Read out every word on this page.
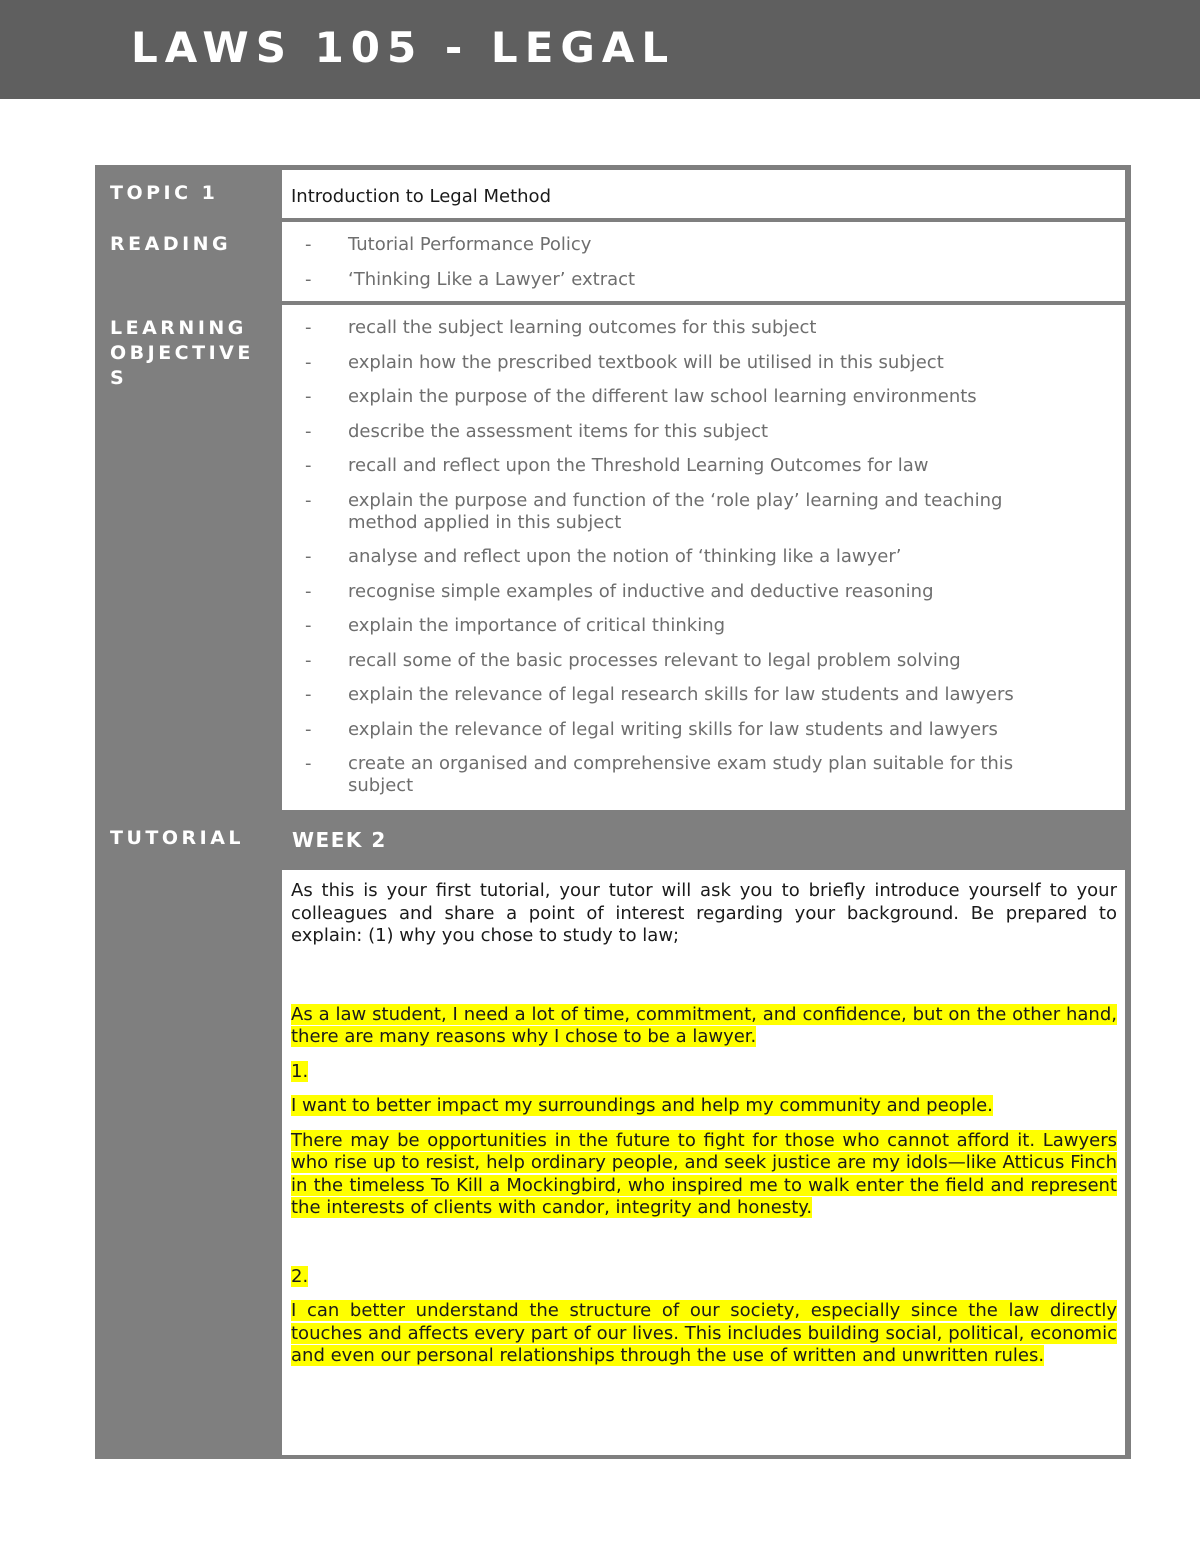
LAWS 105 - LEGAL
TOPIC 1	Introduction to Legal Method
READING	- Tutorial Performance Policy
- ‘Thinking Like a Lawyer’ extract
LEARNING OBJECTIVE S
- recall the subject learning outcomes for this subject
- explain how the prescribed textbook will be utilised in this subject
- explain the purpose of the different law school learning environments
- describe the assessment items for this subject
- recall and reflect upon the Threshold Learning Outcomes for law
- explain the purpose and function of the ‘role play’ learning and teaching method applied in this subject
- analyse and reflect upon the notion of ‘thinking like a lawyer’
- recognise simple examples of inductive and deductive reasoning
- explain the importance of critical thinking
- recall some of the basic processes relevant to legal problem solving
- explain the relevance of legal research skills for law students and lawyers
- explain the relevance of legal writing skills for law students and lawyers
- create an organised and comprehensive exam study plan suitable for this subject
TUTORIAL WEEK 2

As this is your first tutorial, your tutor will ask you to briefly introduce yourself to your colleagues and share a point of interest regarding your background. Be prepared to explain: (1) why you chose to study to law;

As a law student, I need a lot of time, commitment, and confidence, but on the other hand, there are many reasons why I chose to be a lawyer.

1.

I want to better impact my surroundings and help my community and people.

There may be opportunities in the future to fight for those who cannot afford it. Lawyers who rise up to resist, help ordinary people, and seek justice are my idols—like Atticus Finch in the timeless To Kill a Mockingbird, who inspired me to walk enter the field and represent the interests of clients with candor, integrity and honesty.

2.

I can better understand the structure of our society, especially since the law directly touches and affects every part of our lives. This includes building social, political, economic and even our personal relationships through the use of written and unwritten rules.
